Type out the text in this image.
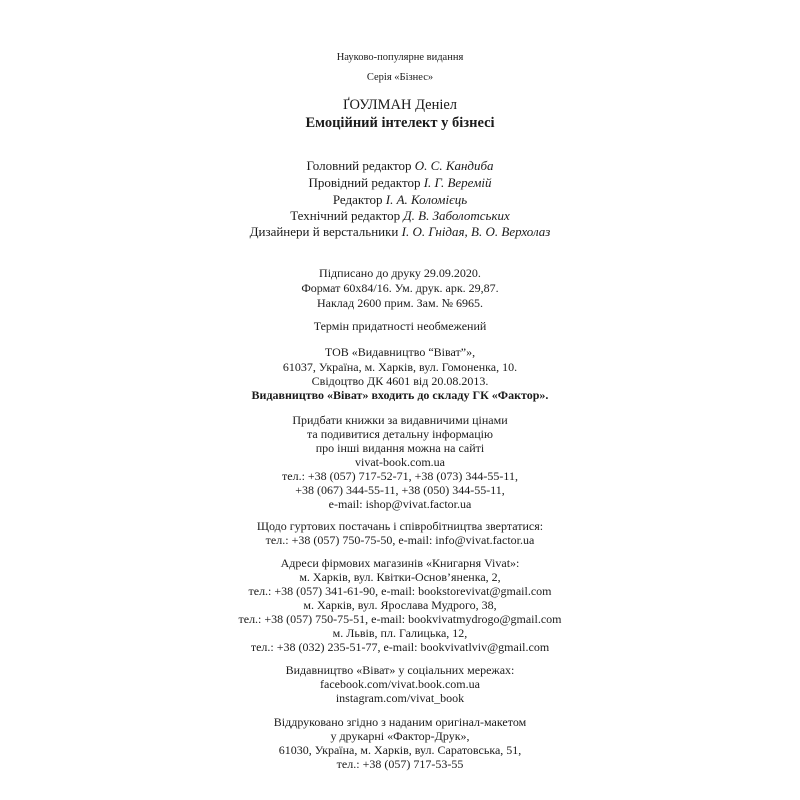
Науково-популярне видання
Серія «Бізнес»
ҐОУЛМАН Деніел
Емоційний інтелект у бізнесі
Головний редактор О. С. Кандиба
Провідний редактор І. Г. Веремій
Редактор І. А. Коломієць
Технічний редактор Д. В. Заболотських
Дизайнери й верстальники І. О. Гнідая, В. О. Верхолаз
Підписано до друку 29.09.2020.
Формат 60х84/16. Ум. друк. арк. 29,87.
Наклад 2600 прим. Зам. № 6965.
Термін придатності необмежений
ТОВ «Видавництво “Віват”»,
61037, Україна, м. Харків, вул. Гомоненка, 10.
Свідоцтво ДК 4601 від 20.08.2013.
Видавництво «Віват» входить до складу ГК «Фактор».
Придбати книжки за видавничими цінами
та подивитися детальну інформацію
про інші видання можна на сайті
vivat-book.com.ua
тел.: +38 (057) 717-52-71, +38 (073) 344-55-11,
+38 (067) 344-55-11, +38 (050) 344-55-11,
e-mail: ishop@vivat.factor.ua
Щодо гуртових постачань і співробітництва звертатися:
тел.: +38 (057) 750-75-50, e-mail: info@vivat.factor.ua
Адреси фірмових магазинів «Книгарня Vivat»:
м. Харків, вул. Квітки-Основ’яненка, 2,
тел.: +38 (057) 341-61-90, e-mail: bookstorevivat@gmail.com
м. Харків, вул. Ярослава Мудрого, 38,
тел.: +38 (057) 750-75-51, e-mail: bookvivatmydrogo@gmail.com
м. Львів, пл. Галицька, 12,
тел.: +38 (032) 235-51-77, e-mail: bookvivatlviv@gmail.com
Видавництво «Віват» у соціальних мережах:
facebook.com/vivat.book.com.ua
instagram.com/vivat_book
Віддруковано згідно з наданим оригінал-макетом
у друкарні «Фактор-Друк»,
61030, Україна, м. Харків, вул. Саратовська, 51,
тел.: +38 (057) 717-53-55
